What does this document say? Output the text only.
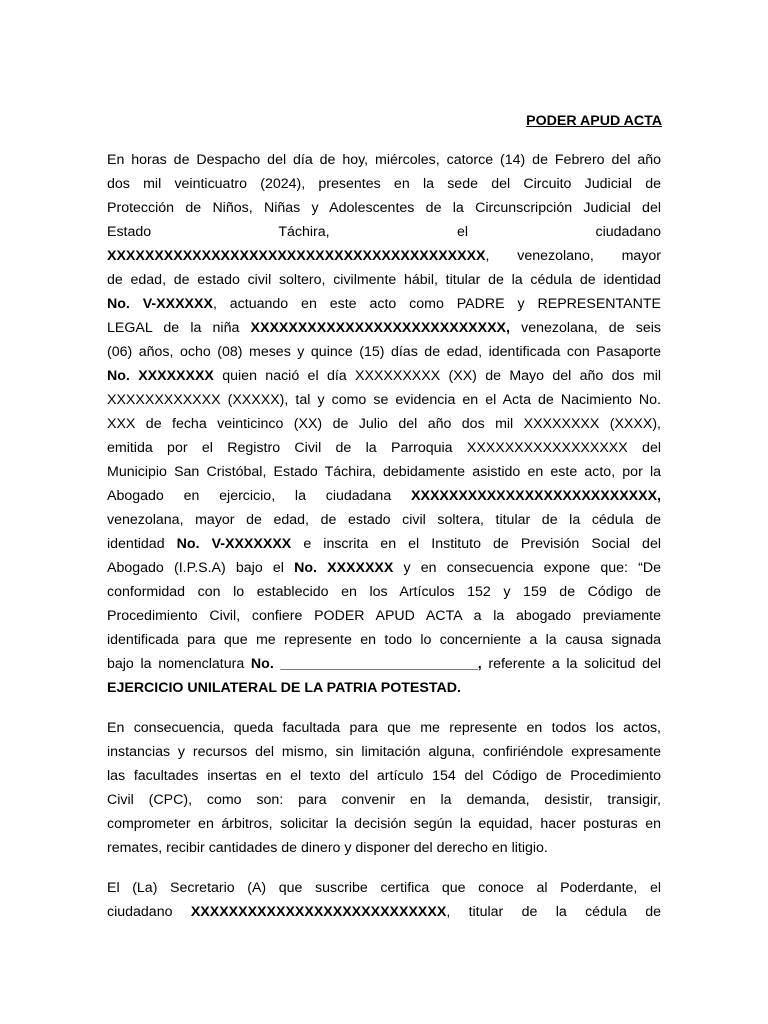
PODER APUD ACTA

En horas de Despacho del día de hoy, miércoles, catorce (14) de Febrero del año
dos mil veinticuatro (2024), presentes en la sede del Circuito Judicial de
Protección de Niños, Niñas y Adolescentes de la Circunscripción Judicial del
Estado	Táchira,	el	ciudadano
XXXXXXXXXXXXXXXXXXXXXXXXXXXXXXXXXXXXXXXX, venezolano, mayor
de edad, de estado civil soltero, civilmente hábil, titular de la cédula de identidad
No. V-XXXXXX, actuando en este acto como PADRE y REPRESENTANTE
LEGAL de la niña XXXXXXXXXXXXXXXXXXXXXXXXXXX, venezolana, de seis
(06) años, ocho (08) meses y quince (15) días de edad, identificada con Pasaporte
No. XXXXXXXX quien nació el día XXXXXXXXX (XX) de Mayo del año dos mil
XXXXXXXXXXXX (XXXXX), tal y como se evidencia en el Acta de Nacimiento No.
XXX de fecha veinticinco (XX) de Julio del año dos mil XXXXXXXX (XXXX),
emitida por el Registro Civil de la Parroquia XXXXXXXXXXXXXXXXX del
Municipio San Cristóbal, Estado Táchira, debidamente asistido en este acto, por la
Abogado en ejercicio, la ciudadana XXXXXXXXXXXXXXXXXXXXXXXXXX,
venezolana, mayor de edad, de estado civil soltera, titular de la cédula de
identidad No. V-XXXXXXX e inscrita en el Instituto de Previsión Social del
Abogado (I.P.S.A) bajo el No. XXXXXXX y en consecuencia expone que: “De
conformidad con lo establecido en los Artículos 152 y 159 de Código de
Procedimiento Civil, confiere PODER APUD ACTA a la abogado previamente
identificada para que me represente en todo lo concerniente a la causa signada
bajo la nomenclatura No. _________________________, referente a la solicitud del
EJERCICIO UNILATERAL DE LA PATRIA POTESTAD.
En consecuencia, queda facultada para que me represente en todos los actos,
instancias y recursos del mismo, sin limitación alguna, confiriéndole expresamente
las facultades insertas en el texto del artículo 154 del Código de Procedimiento
Civil (CPC), como son: para convenir en la demanda, desistir, transigir,
comprometer en árbitros, solicitar la decisión según la equidad, hacer posturas en
remates, recibir cantidades de dinero y disponer del derecho en litigio.
El (La) Secretario (A) que suscribe certifica que conoce al Poderdante, el
ciudadano XXXXXXXXXXXXXXXXXXXXXXXXXXX, titular de la cédula de
